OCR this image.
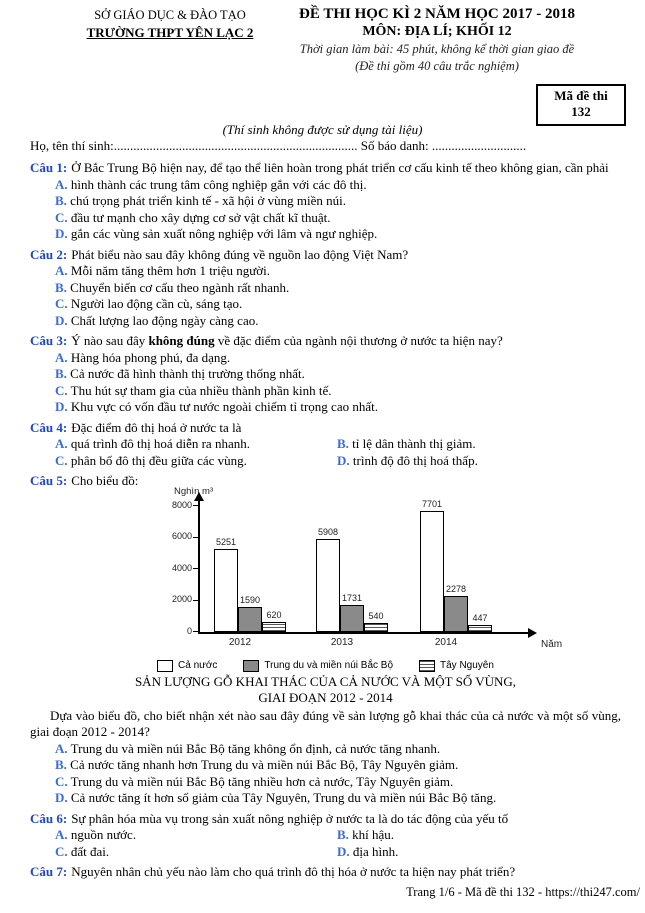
SỞ GIÁO DỤC & ĐÀO TẠO
TRƯỜNG THPT YÊN LẠC 2
ĐỀ THI HỌC KÌ 2 NĂM HỌC 2017 - 2018
MÔN: ĐỊA LÍ; KHỐI 12
Thời gian làm bài: 45 phút, không kể thời gian giao đề
(Đề thi gồm 40 câu trắc nghiệm)
Mã đề thi
132
(Thí sinh không được sử dụng tài liệu)
Họ, tên thí sinh:........................................................................... Số báo danh: .............................

Câu 1: Ở Bắc Trung Bộ hiện nay, để tạo thể liên hoàn trong phát triển cơ cấu kinh tế theo không gian, cần phải

A. hình thành các trung tâm công nghiệp gắn với các đô thị.
B. chú trọng phát triển kinh tế - xã hội ở vùng miền núi.
C. đầu tư mạnh cho xây dựng cơ sở vật chất kĩ thuật.
D. gắn các vùng sản xuất nông nghiệp với lâm và ngư nghiệp.

Câu 2: Phát biểu nào sau đây không đúng về nguồn lao động Việt Nam?

A. Mỗi năm tăng thêm hơn 1 triệu người.
B. Chuyển biến cơ cấu theo ngành rất nhanh.
C. Người lao động cần cù, sáng tạo.
D. Chất lượng lao động ngày càng cao.

Câu 3: Ý nào sau đây không đúng về đặc điểm của ngành nội thương ở nước ta hiện nay?

A. Hàng hóa phong phú, đa dạng.
B. Cả nước đã hình thành thị trường thống nhất.
C. Thu hút sự tham gia của nhiều thành phần kinh tế.
D. Khu vực có vốn đầu tư nước ngoài chiếm tỉ trọng cao nhất.

Câu 4: Đặc điểm đô thị hoá ở nước ta là

A. quá trình đô thị hoá diễn ra nhanh.	B. tỉ lệ dân thành thị giảm.
C. phân bố đô thị đều giữa các vùng.	D. trình độ đô thị hoá thấp.

Câu 5: Cho biểu đồ:

Nghìn m³
Năm
0
2000
4000
6000
8000
5251
5908
7701
1590	1731
2278
620	540	447
2012	2013	2014
Cả nước	Trung du và miền núi Bắc Bộ	Tây Nguyên
SẢN LƯỢNG GỖ KHAI THÁC CỦA CẢ NƯỚC VÀ MỘT SỐ VÙNG,
GIAI ĐOẠN 2012 - 2014

Dựa vào biểu đồ, cho biết nhận xét nào sau đây đúng về sản lượng gỗ khai thác của cả nước và một số vùng, giai đoạn 2012 - 2014?

A. Trung du và miền núi Bắc Bộ tăng không ổn định, cả nước tăng nhanh.
B. Cả nước tăng nhanh hơn Trung du và miền núi Bắc Bộ, Tây Nguyên giảm.
C. Trung du và miền núi Bắc Bộ tăng nhiều hơn cả nước, Tây Nguyên giảm.
D. Cả nước tăng ít hơn số giảm của Tây Nguyên, Trung du và miền núi Bắc Bộ tăng.

Câu 6: Sự phân hóa mùa vụ trong sản xuất nông nghiệp ở nước ta là do tác động của yếu tố

A. nguồn nước.	B. khí hậu.
C. đất đai.	D. địa hình.

Câu 7: Nguyên nhân chủ yếu nào làm cho quá trình đô thị hóa ở nước ta hiện nay phát triển?

Trang 1/6 - Mã đề thi 132 - https://thi247.com/
